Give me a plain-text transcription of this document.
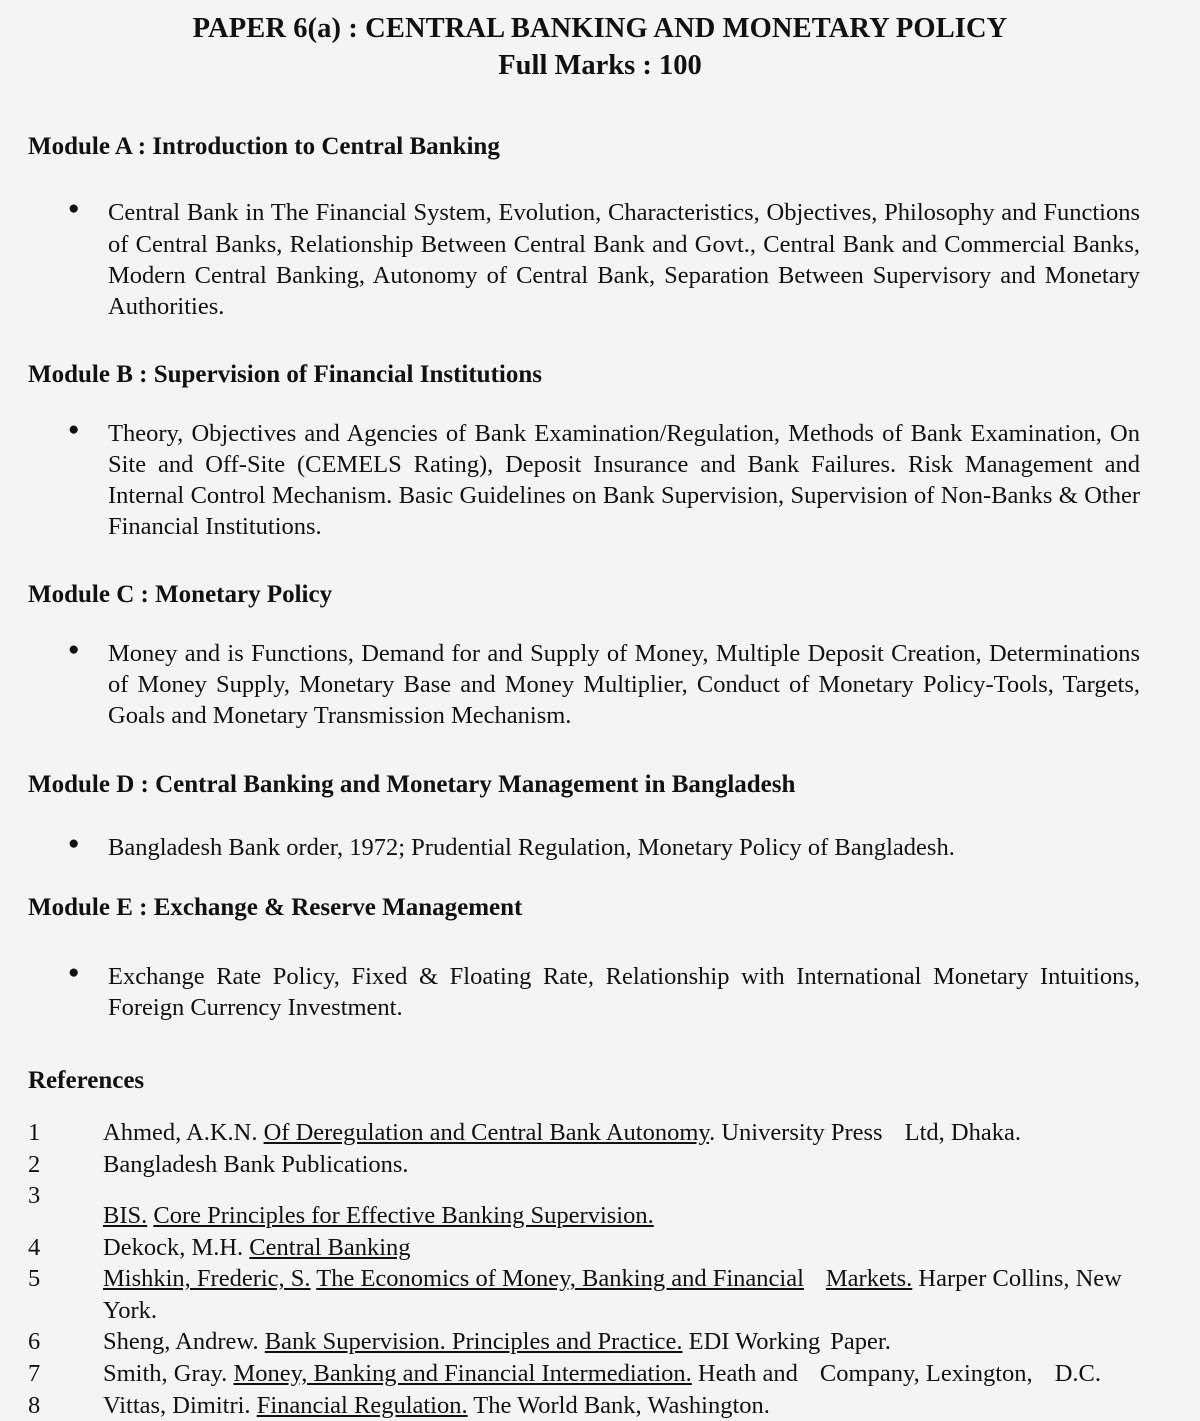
PAPER 6(a) : CENTRAL BANKING AND MONETARY POLICY
Full Marks : 100
Module A : Introduction to Central Banking
● Central Bank in The Financial System, Evolution, Characteristics, Objectives, Philosophy and Functions of Central Banks, Relationship Between Central Bank and Govt., Central Bank and Commercial Banks, Modern Central Banking, Autonomy of Central Bank, Separation Between Supervisory and Monetary Authorities.
Module B : Supervision of Financial Institutions
● Theory, Objectives and Agencies of Bank Examination/Regulation, Methods of Bank Examination, On Site and Off-Site (CEMELS Rating), Deposit Insurance and Bank Failures. Risk Management and Internal Control Mechanism. Basic Guidelines on Bank Supervision, Supervision of Non-Banks & Other Financial Institutions.
Module C : Monetary Policy
● Money and is Functions, Demand for and Supply of Money, Multiple Deposit Creation, Determinations of Money Supply, Monetary Base and Money Multiplier, Conduct of Monetary Policy-Tools, Targets, Goals and Monetary Transmission Mechanism.
Module D : Central Banking and Monetary Management in Bangladesh
● Bangladesh Bank order, 1972; Prudential Regulation, Monetary Policy of Bangladesh.
Module E : Exchange & Reserve Management
● Exchange Rate Policy, Fixed & Floating Rate, Relationship with International Monetary Intuitions, Foreign Currency Investment.
References
1	Ahmed, A.K.N. Of Deregulation and Central Bank Autonomy. University Press Ltd, Dhaka.
2	Bangladesh Bank Publications.
3
BIS. Core Principles for Effective Banking Supervision.
4	Dekock, M.H. Central Banking
5	Mishkin, Frederic, S. The Economics of Money, Banking and Financial Markets. Harper Collins, New York.
6	Sheng, Andrew. Bank Supervision. Principles and Practice. EDI Working Paper.
7	Smith, Gray. Money, Banking and Financial Intermediation. Heath and Company, Lexington, D.C.
8	Vittas, Dimitri. Financial Regulation. The World Bank, Washington.
